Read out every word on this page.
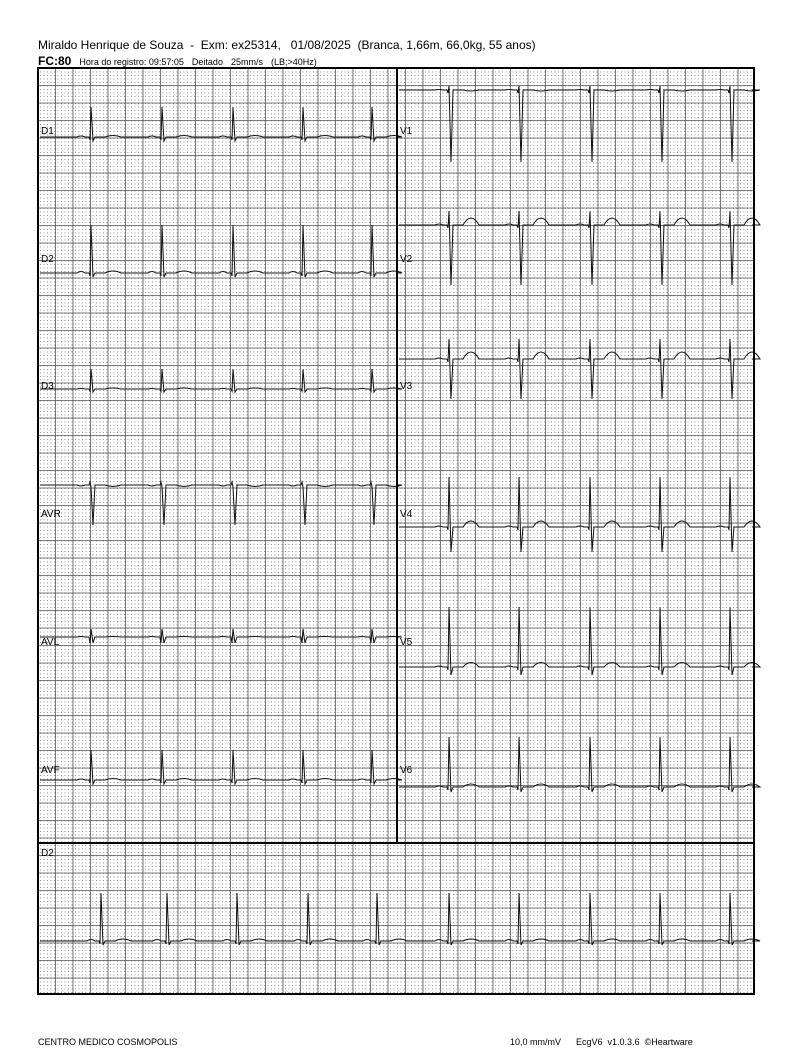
Miraldo Henrique de Souza  -  Exm: ex25314,   01/08/2025  (Branca, 1,66m, 66,0kg, 55 anos)
FC:80 Hora do registro: 09:57:05 Deitado 25mm/s (LB;>40Hz)
D1
D2
D3
AVR
AVL
AVF
V1
V2
V3
V4
V5
V6
D2
CENTRO MEDICO COSMOPOLIS	10,0 mm/mV EcgV6  v1.0.3.6 ©Heartware
